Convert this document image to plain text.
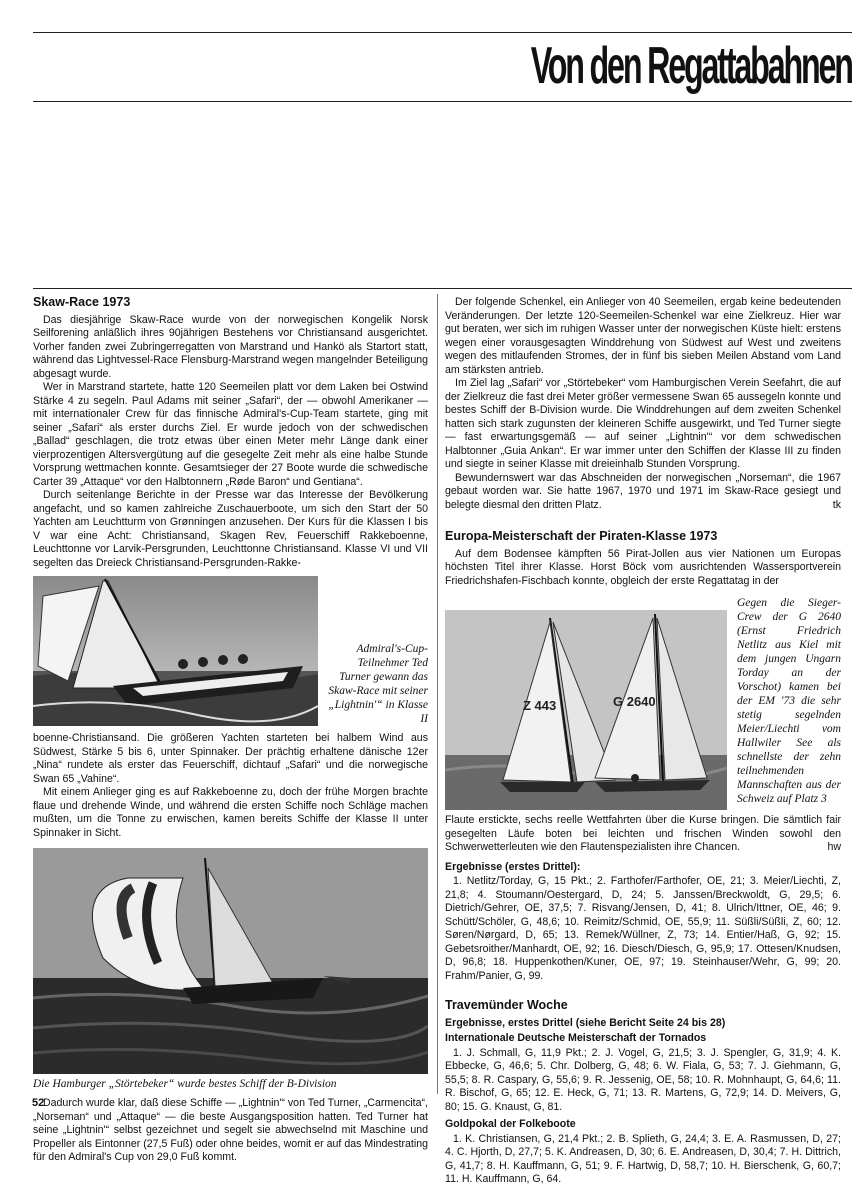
Von den Regattabahnen
Skaw-Race 1973

Das diesjährige Skaw-Race wurde von der norwegischen Kongelik Norsk Seilforening anläßlich ihres 90jährigen Bestehens vor Christiansand ausgerichtet. Vorher fanden zwei Zubringerregatten von Marstrand und Hankö als Startort statt, während das Lightvessel-Race Flensburg-Marstrand wegen mangelnder Beteiligung abgesagt wurde.

Wer in Marstrand startete, hatte 120 Seemeilen platt vor dem Laken bei Ostwind Stärke 4 zu segeln. Paul Adams mit seiner „Safari“, der — obwohl Amerikaner — mit internationaler Crew für das finnische Admiral's-Cup-Team startete, ging mit seiner „Safari“ als erster durchs Ziel. Er wurde jedoch von der schwedischen „Ballad“ geschlagen, die trotz etwas über einen Meter mehr Länge dank einer vierprozentigen Altersvergütung auf die gesegelte Zeit mehr als eine halbe Stunde Vorsprung wettmachen konnte. Gesamtsieger der 27 Boote wurde die schwedische Carter 39 „Attaque“ vor den Halbtonnern „Røde Baron“ und Gentiana“.

Durch seitenlange Berichte in der Presse war das Interesse der Bevölkerung angefacht, und so kamen zahlreiche Zuschauerboote, um sich den Start der 50 Yachten am Leuchtturm von Grønningen anzusehen. Der Kurs für die Klassen I bis V war eine Acht: Christiansand, Skagen Rev, Feuerschiff Rakkeboenne, Leuchttonne vor Larvik-Persgrunden, Leuchttonne Christiansand. Klasse VI und VII segelten das Dreieck Christiansand-Persgrunden-Rakke-

Admiral's-Cup-Teilnehmer Ted Turner gewann das Skaw-Race mit seiner „Lightnin'“ in Klasse II

boenne-Christiansand. Die größeren Yachten starteten bei halbem Wind aus Südwest, Stärke 5 bis 6, unter Spinnaker. Der prächtig erhaltene dänische 12er „Nina“ rundete als erster das Feuerschiff, dichtauf „Safari“ und die norwegische Swan 65 „Vahine“.

Mit einem Anlieger ging es auf Rakkeboenne zu, doch der frühe Morgen brachte flaue und drehende Winde, und während die ersten Schiffe noch Schläge machen mußten, um die Tonne zu erwischen, kamen bereits Schiffe der Klasse II unter Spinnaker in Sicht.

Die Hamburger „Störtebeker“ wurde bestes Schiff der B-Division

Dadurch wurde klar, daß diese Schiffe — „Lightnin'“ von Ted Turner, „Carmencita“, „Norseman“ und „Attaque“ — die beste Ausgangsposition hatten. Ted Turner hat seine „Lightnin'“ selbst gezeichnet und segelt sie abwechselnd mit Maschine und Propeller als Eintonner (27,5 Fuß) oder ohne beides, womit er auf das Mindestrating für den Admiral's Cup von 29,0 Fuß kommt.

Der folgende Schenkel, ein Anlieger von 40 Seemeilen, ergab keine bedeutenden Veränderungen. Der letzte 120-Seemeilen-Schenkel war eine Zielkreuz. Hier war gut beraten, wer sich im ruhigen Wasser unter der norwegischen Küste hielt: erstens wegen einer vorausgesagten Winddrehung von Südwest auf West und zweitens wegen des mitlaufenden Stromes, der in fünf bis sieben Meilen Abstand vom Land am stärksten antrieb.

Im Ziel lag „Safari“ vor „Störtebeker“ vom Hamburgischen Verein Seefahrt, die auf der Zielkreuz die fast drei Meter größer vermessene Swan 65 aussegeln konnte und bestes Schiff der B-Division wurde. Die Winddrehungen auf dem zweiten Schenkel hatten sich stark zugunsten der kleineren Schiffe ausgewirkt, und Ted Turner siegte — fast erwartungsgemäß — auf seiner „Lightnin'“ vor dem schwedischen Halbtonner „Guia Ankan“. Er war immer unter den Schiffen der Klasse III zu finden und siegte in seiner Klasse mit dreieinhalb Stunden Vorsprung.

Bewundernswert war das Abschneiden der norwegischen „Norseman“, die 1967 gebaut worden war. Sie hatte 1967, 1970 und 1971 im Skaw-Race gesiegt und belegte diesmal den dritten Platz.	tk

Europa-Meisterschaft der Piraten-Klasse 1973

Auf dem Bodensee kämpften 56 Pirat-Jollen aus vier Nationen um Europas höchsten Titel ihrer Klasse. Horst Böck vom ausrichtenden Wassersportverein Friedrichshafen-Fischbach konnte, obgleich der erste Regattatag in der

Z 443	G 2640
Gegen die Sieger-Crew der G 2640 (Ernst Friedrich Netlitz aus Kiel mit dem jungen Ungarn Torday an der Vorschot) kamen bei der EM '73 die sehr stetig segelnden Meier/Liechti vom Hallwiler See als schnellste der zehn teilnehmenden Mannschaften aus der Schweiz auf Platz 3

Flaute erstickte, sechs reelle Wettfahrten über die Kurse bringen. Die sämtlich fair gesegelten Läufe boten bei leichten und frischen Winden sowohl den Schwerwetterleuten wie den Flautenspezialisten ihre Chancen.	hw

Ergebnisse (erstes Drittel):

1. Netlitz/Torday, G, 15 Pkt.; 2. Farthofer/Farthofer, OE, 21; 3. Meier/Liechti, Z, 21,8; 4. Stoumann/Oestergard, D, 24; 5. Janssen/Breckwoldt, G, 29,5; 6. Dietrich/Gehrer, OE, 37,5; 7. Risvang/Jensen, D, 41; 8. Ulrich/Ittner, OE, 46; 9. Schütt/Schöler, G, 48,6; 10. Reimitz/Schmid, OE, 55,9; 11. Süßli/Süßli, Z, 60; 12. Søren/Nørgard, D, 65; 13. Remek/Wüllner, Z, 73; 14. Entier/Haß, G, 92; 15. Gebetsroither/Manhardt, OE, 92; 16. Diesch/Diesch, G, 95,9; 17. Ottesen/Knudsen, D, 96,8; 18. Huppenkothen/Kuner, OE, 97; 19. Steinhauser/Wehr, G, 99; 20. Frahm/Panier, G, 99.

Travemünder Woche
Ergebnisse, erstes Drittel (siehe Bericht Seite 24 bis 28)
Internationale Deutsche Meisterschaft der Tornados

1. J. Schmall, G, 11,9 Pkt.; 2. J. Vogel, G, 21,5; 3. J. Spengler, G, 31,9; 4. K. Ebbecke, G, 46,6; 5. Chr. Dolberg, G, 48; 6. W. Fiala, G, 53; 7. J. Giehmann, G, 55,5; 8. R. Caspary, G, 55,6; 9. R. Jessenig, OE, 58; 10. R. Mohnhaupt, G, 64,6; 11. R. Bischof, G, 65; 12. E. Heck, G, 71; 13. R. Martens, G, 72,9; 14. D. Meivers, G, 80; 15. G. Knaust, G, 81.

Goldpokal der Folkeboote

1. K. Christiansen, G, 21,4 Pkt.; 2. B. Splieth, G, 24,4; 3. E. A. Rasmussen, D, 27; 4. C. Hjorth, D, 27,7; 5. K. Andreasen, D, 30; 6. E. Andreasen, D, 30,4; 7. H. Dittrich, G, 41,7; 8. H. Kauffmann, G, 51; 9. F. Hartwig, D, 58,7; 10. H. Bierschenk, G, 60,7; 11. H. Kauffmann, G, 64.

52
